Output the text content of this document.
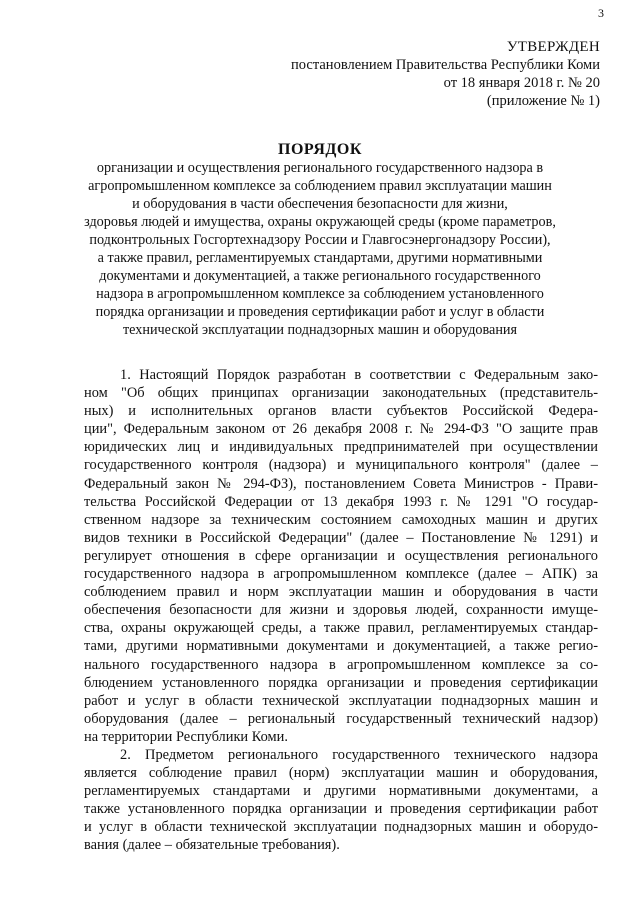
3
УТВЕРЖДЕН
постановлением Правительства Республики Коми
от 18 января 2018 г. № 20
(приложение № 1)
ПОРЯДОК
организации и осуществления регионального государственного надзора в
агропромышленном комплексе за соблюдением правил эксплуатации машин
и оборудования в части обеспечения безопасности для жизни,
здоровья людей и имущества, охраны окружающей среды (кроме параметров,
подконтрольных Госгортехнадзору России и Главгосэнергонадзору России),
а также правил, регламентируемых стандартами, другими нормативными
документами и документацией, а также регионального государственного
надзора в агропромышленном комплексе за соблюдением установленного
порядка организации и проведения сертификации работ и услуг в области
технической эксплуатации поднадзорных машин и оборудования
1. Настоящий Порядок разработан в соответствии с Федеральным зако-
ном "Об общих принципах организации законодательных (представитель-
ных) и исполнительных органов власти субъектов Российской Федера-
ции", Федеральным законом от 26 декабря 2008 г. № 294-ФЗ "О защите прав
юридических лиц и индивидуальных предпринимателей при осуществлении
государственного контроля (надзора) и муниципального контроля" (далее –
Федеральный закон № 294-ФЗ), постановлением Совета Министров - Прави-
тельства Российской Федерации от 13 декабря 1993 г. № 1291 "О государ-
ственном надзоре за техническим состоянием самоходных машин и других
видов техники в Российской Федерации" (далее – Постановление № 1291) и
регулирует отношения в сфере организации и осуществления регионального
государственного надзора в агропромышленном комплексе (далее – АПК) за
соблюдением правил и норм эксплуатации машин и оборудования в части
обеспечения безопасности для жизни и здоровья людей, сохранности имуще-
ства, охраны окружающей среды, а также правил, регламентируемых стандар-
тами, другими нормативными документами и документацией, а также регио-
нального государственного надзора в агропромышленном комплексе за со-
блюдением установленного порядка организации и проведения сертификации
работ и услуг в области технической эксплуатации поднадзорных машин и
оборудования (далее – региональный государственный технический надзор)
на территории Республики Коми.
2. Предметом регионального государственного технического надзора
является соблюдение правил (норм) эксплуатации машин и оборудования,
регламентируемых стандартами и другими нормативными документами, а
также установленного порядка организации и проведения сертификации работ
и услуг в области технической эксплуатации поднадзорных машин и оборудо-
вания (далее – обязательные требования).
